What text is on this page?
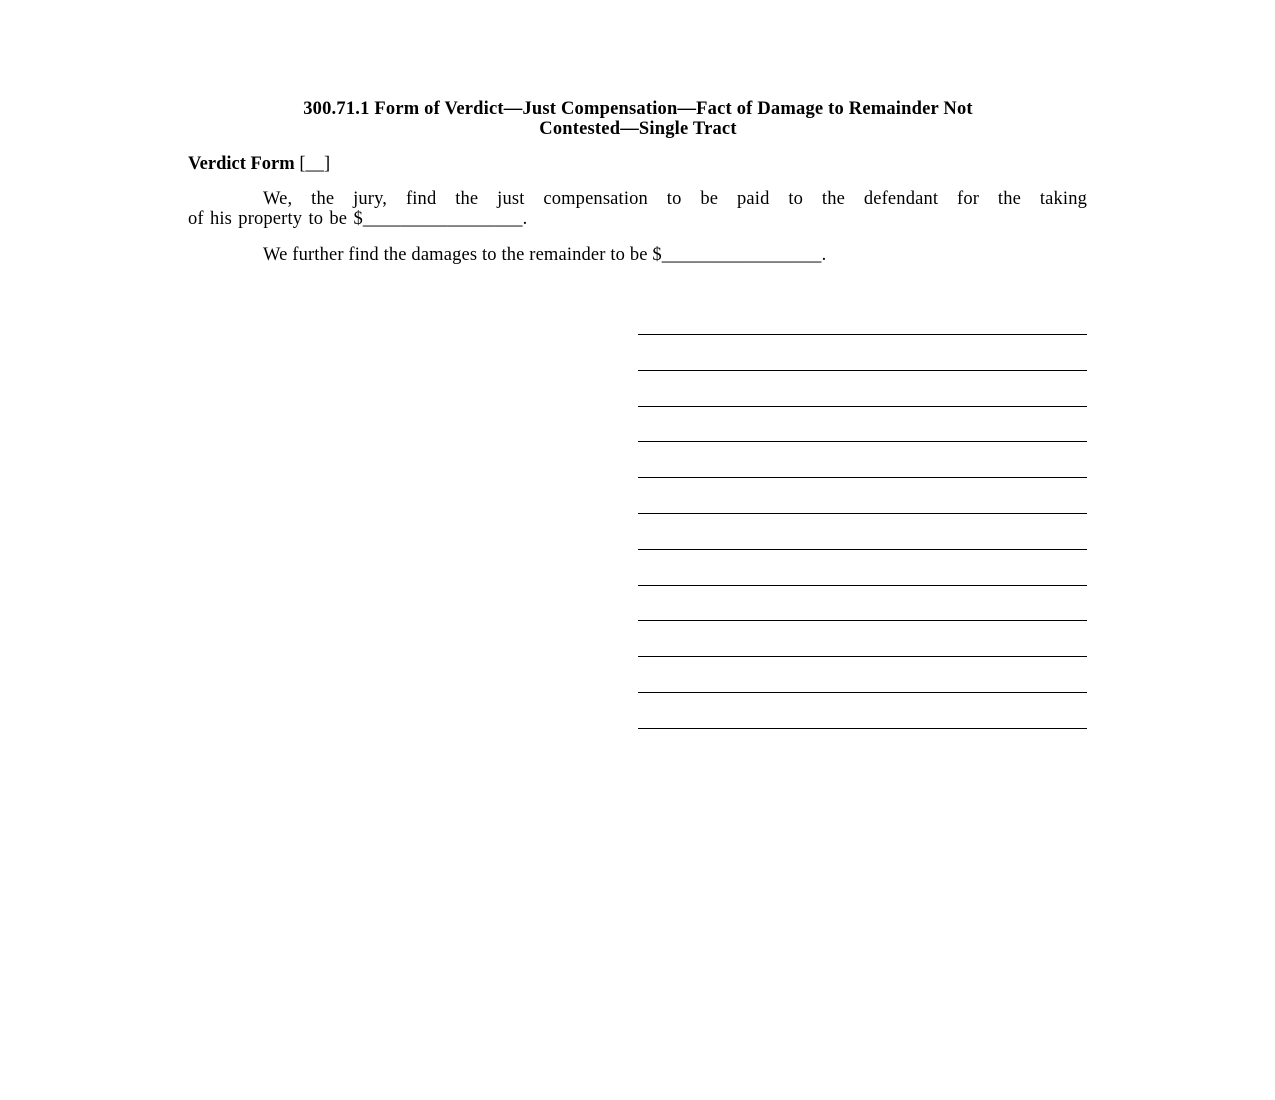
300.71.1 Form of Verdict—Just Compensation—Fact of Damage to Remainder Not
Contested—Single Tract
Verdict Form [__]

We, the jury, find the just compensation to be paid to the defendant for the taking
of his property to be $_________________.

We further find the damages to the remainder to be $_________________.
